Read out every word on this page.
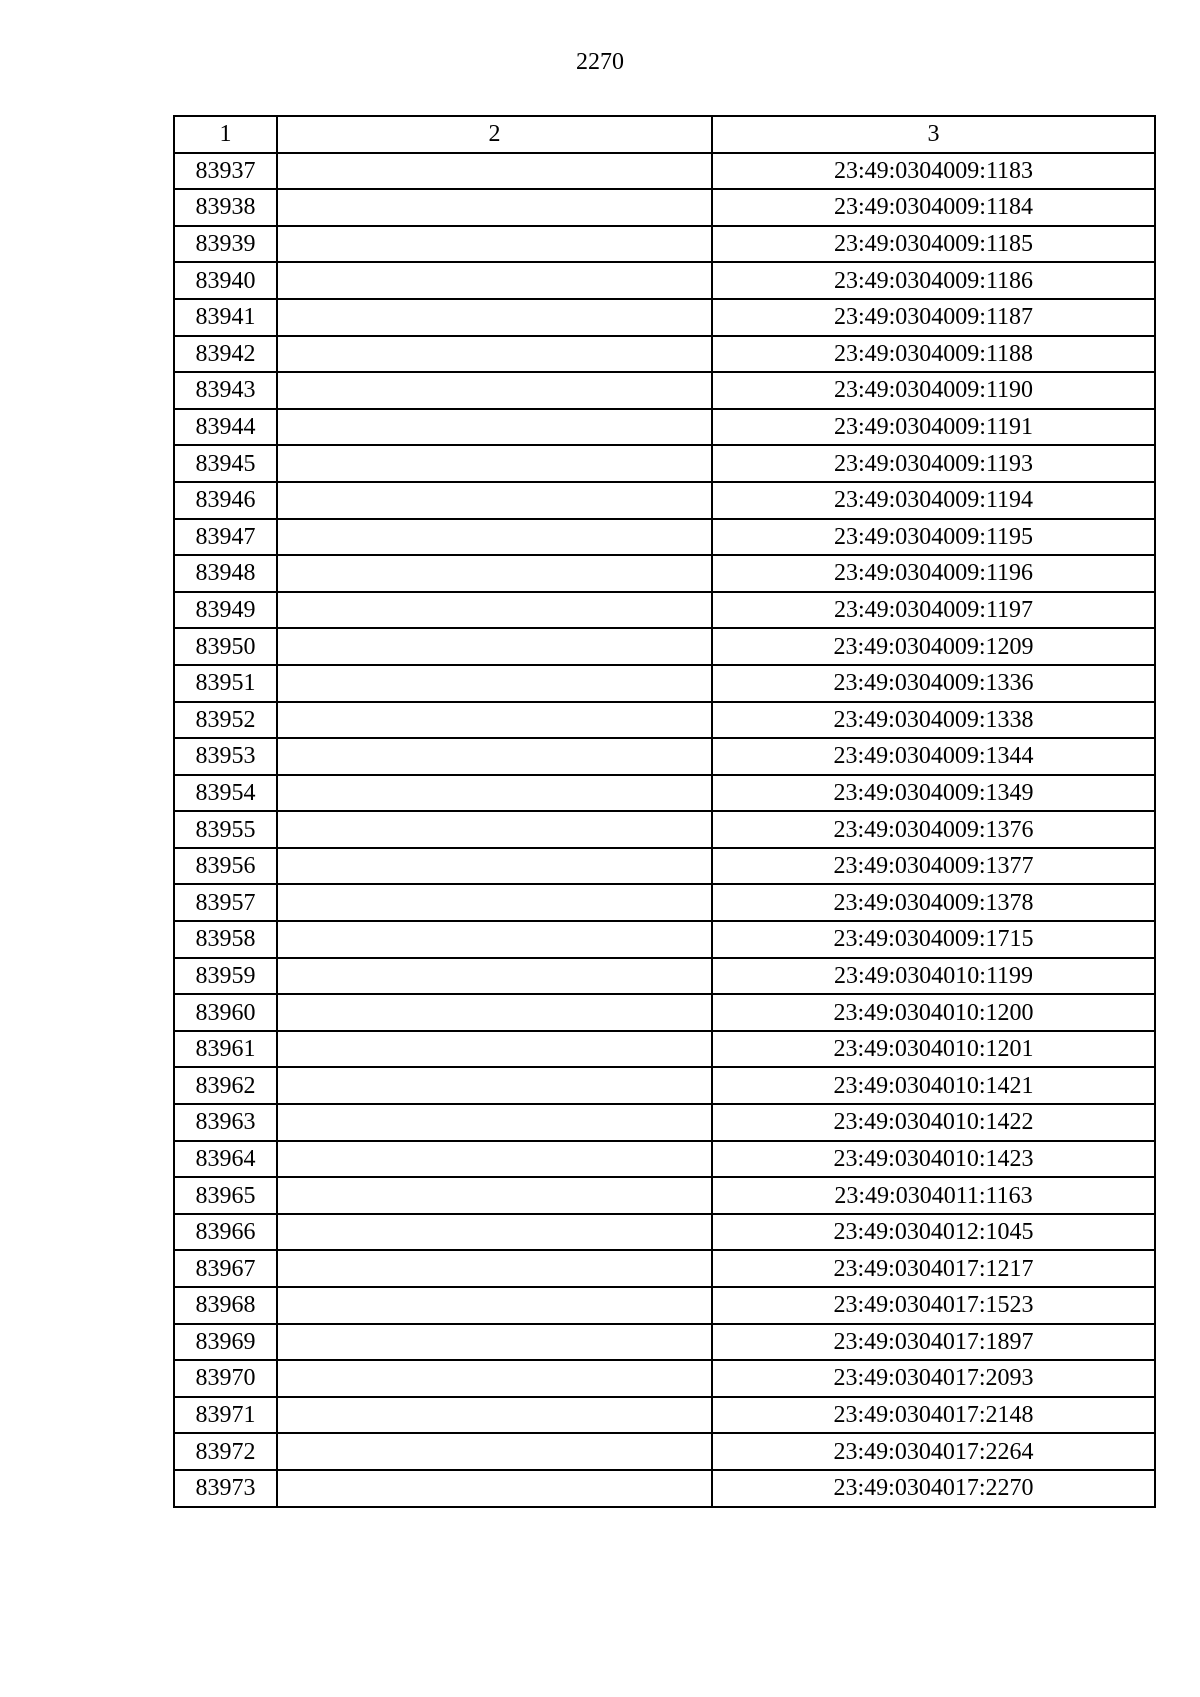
2270
1	2	3
83937		23:49:0304009:1183
83938		23:49:0304009:1184
83939		23:49:0304009:1185
83940		23:49:0304009:1186
83941		23:49:0304009:1187
83942		23:49:0304009:1188
83943		23:49:0304009:1190
83944		23:49:0304009:1191
83945		23:49:0304009:1193
83946		23:49:0304009:1194
83947		23:49:0304009:1195
83948		23:49:0304009:1196
83949		23:49:0304009:1197
83950		23:49:0304009:1209
83951		23:49:0304009:1336
83952		23:49:0304009:1338
83953		23:49:0304009:1344
83954		23:49:0304009:1349
83955		23:49:0304009:1376
83956		23:49:0304009:1377
83957		23:49:0304009:1378
83958		23:49:0304009:1715
83959		23:49:0304010:1199
83960		23:49:0304010:1200
83961		23:49:0304010:1201
83962		23:49:0304010:1421
83963		23:49:0304010:1422
83964		23:49:0304010:1423
83965		23:49:0304011:1163
83966		23:49:0304012:1045
83967		23:49:0304017:1217
83968		23:49:0304017:1523
83969		23:49:0304017:1897
83970		23:49:0304017:2093
83971		23:49:0304017:2148
83972		23:49:0304017:2264
83973		23:49:0304017:2270
